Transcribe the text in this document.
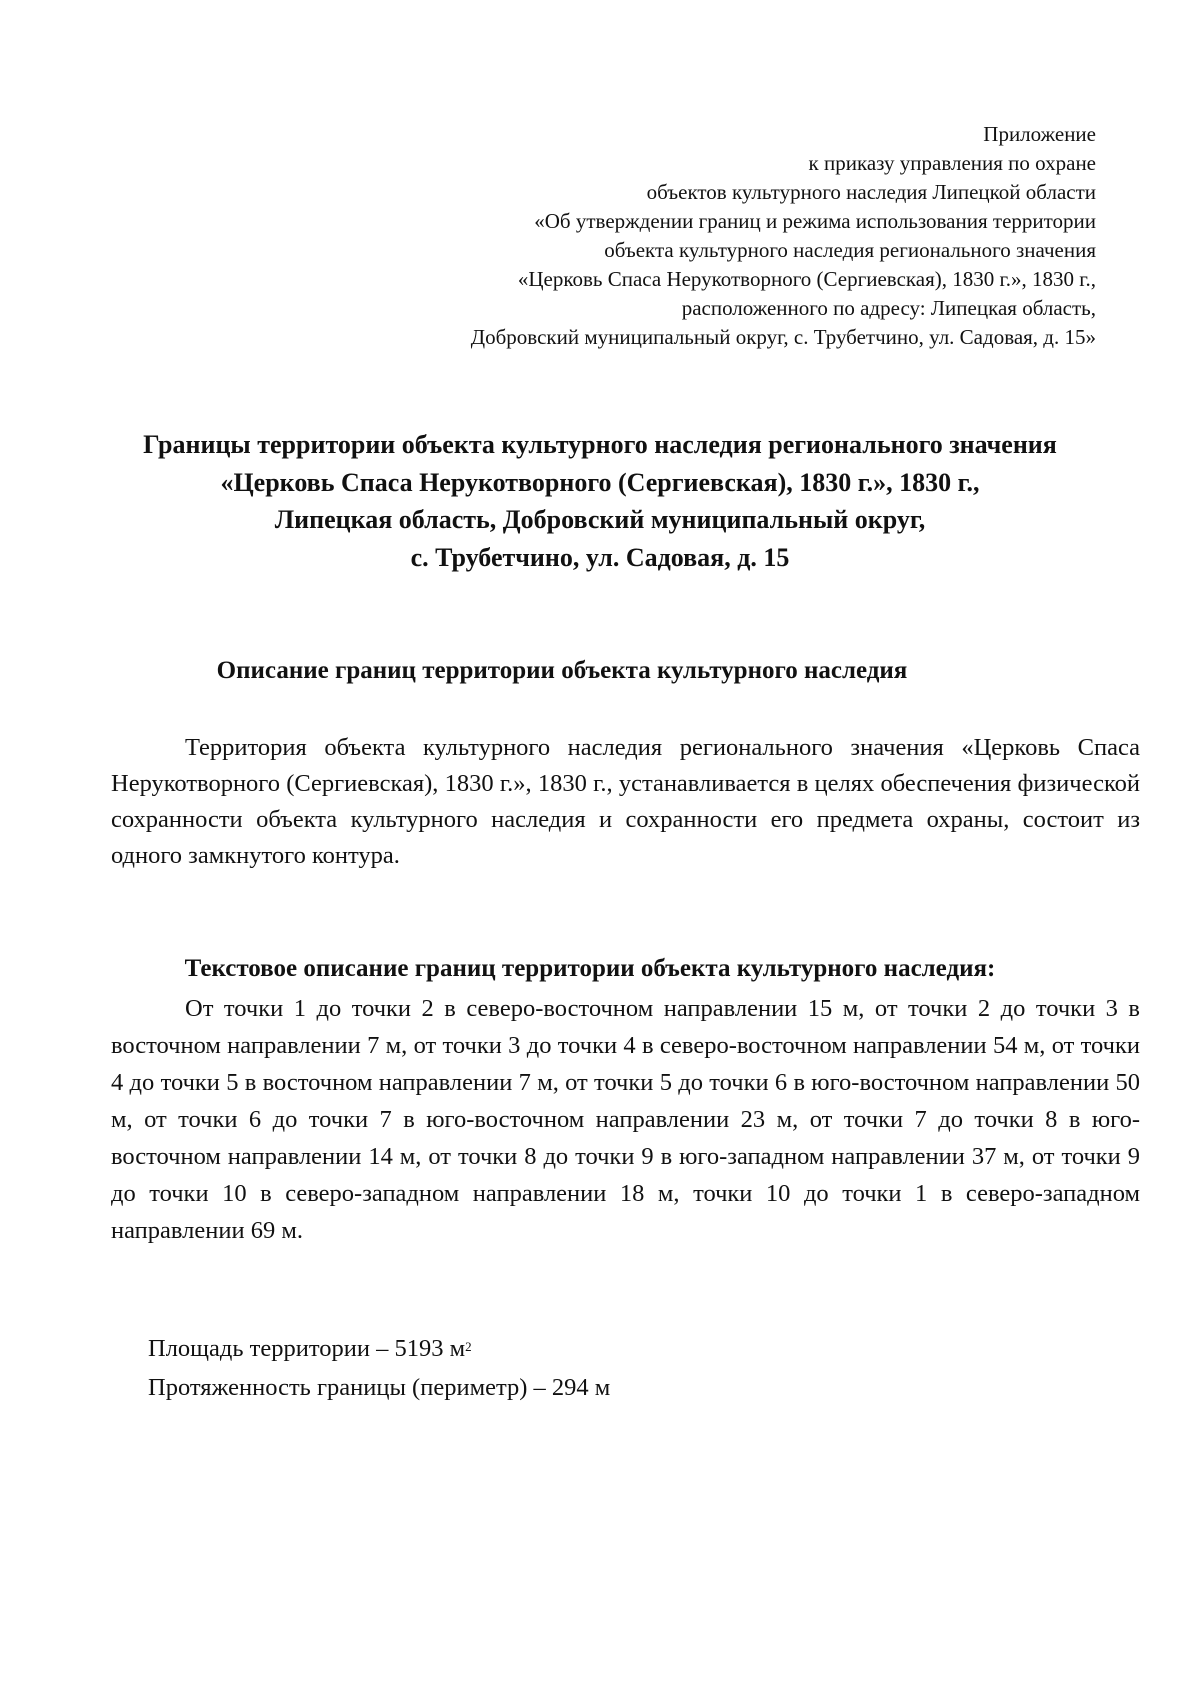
Приложение
к приказу управления по охране
объектов культурного наследия Липецкой области
«Об утверждении границ и режима использования территории
объекта культурного наследия регионального значения
«Церковь Спаса Нерукотворного (Сергиевская), 1830 г.», 1830 г.,
расположенного по адресу: Липецкая область,
Добровский муниципальный округ, с. Трубетчино, ул. Садовая, д. 15»
Границы территории объекта культурного наследия регионального значения
«Церковь Спаса Нерукотворного (Сергиевская), 1830 г.», 1830 г.,
Липецкая область, Добровский муниципальный округ,
с. Трубетчино, ул. Садовая, д. 15
Описание границ территории объекта культурного наследия
Территория объекта культурного наследия регионального значения «Церковь Спаса Нерукотворного (Сергиевская), 1830 г.», 1830 г., устанавливается в целях обеспечения физической сохранности объекта культурного наследия и сохранности его предмета охраны, состоит из одного замкнутого контура.
Текстовое описание границ территории объекта культурного наследия:
От точки 1 до точки 2 в северо-восточном направлении 15 м, от точки 2 до точки 3 в восточном направлении 7 м, от точки 3 до точки 4 в северо-восточном направлении 54 м, от точки 4 до точки 5 в восточном направлении 7 м, от точки 5 до точки 6 в юго-восточном направлении 50 м, от точки 6 до точки 7 в юго-восточном направлении 23 м, от точки 7 до точки 8 в юго-восточном направлении 14 м, от точки 8 до точки 9 в юго-западном направлении 37 м, от точки 9 до точки 10 в северо-западном направлении 18 м, точки 10 до точки 1 в северо-западном направлении 69 м.
Площадь территории – 5193 $м^2$
Протяженность границы (периметр) – 294 м
